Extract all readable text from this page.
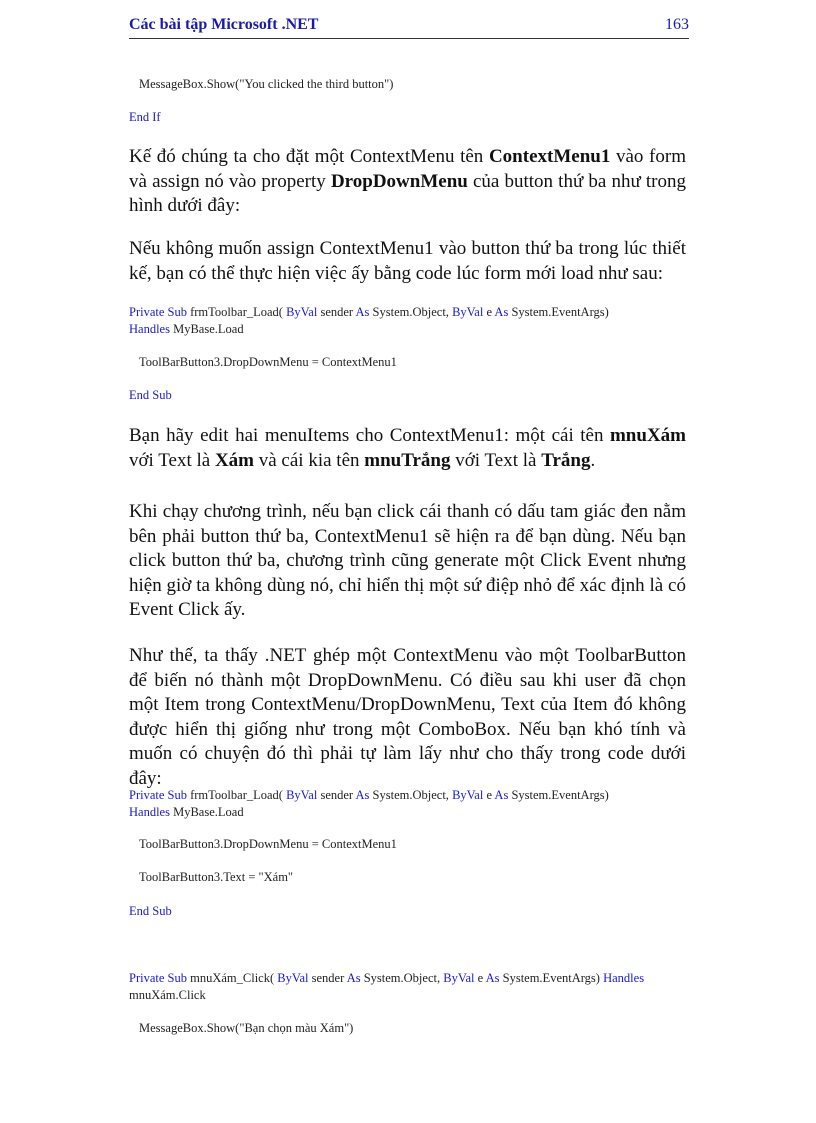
Các bài tập Microsoft .NET	163
MessageBox.Show("You clicked the third button")
End If
Kế đó chúng ta cho đặt một ContextMenu tên ContextMenu1 vào form và assign nó vào property DropDownMenu của button thứ ba như trong hình dưới đây:
Nếu không muốn assign ContextMenu1 vào button thứ ba trong lúc thiết kế, bạn có thể thực hiện việc ấy bằng code lúc form mới load như sau:
Private Sub frmToolbar_Load( ByVal sender As System.Object, ByVal e As System.EventArgs)
Handles MyBase.Load
ToolBarButton3.DropDownMenu = ContextMenu1
End Sub
Bạn hãy edit hai menuItems cho ContextMenu1: một cái tên mnuXám với Text là Xám và cái kia tên mnuTrắng với Text là Trắng.
Khi chạy chương trình, nếu bạn click cái thanh có dấu tam giác đen nằm bên phải button thứ ba, ContextMenu1 sẽ hiện ra để bạn dùng. Nếu bạn click button thứ ba, chương trình cũng generate một Click Event nhưng hiện giờ ta không dùng nó, chỉ hiển thị một sứ điệp nhỏ để xác định là có Event Click ấy.
Như thế, ta thấy .NET ghép một ContextMenu vào một ToolbarButton để biến nó thành một DropDownMenu. Có điều sau khi user đã chọn một Item trong ContextMenu/DropDownMenu, Text của Item đó không được hiển thị giống như trong một ComboBox. Nếu bạn khó tính và muốn có chuyện đó thì phải tự làm lấy như cho thấy trong code dưới đây:
Private Sub frmToolbar_Load( ByVal sender As System.Object, ByVal e As System.EventArgs)
Handles MyBase.Load
ToolBarButton3.DropDownMenu = ContextMenu1
ToolBarButton3.Text = "Xám"
End Sub
Private Sub mnuXám_Click( ByVal sender As System.Object, ByVal e As System.EventArgs) Handles
mnuXám.Click
MessageBox.Show("Bạn chọn màu Xám")
